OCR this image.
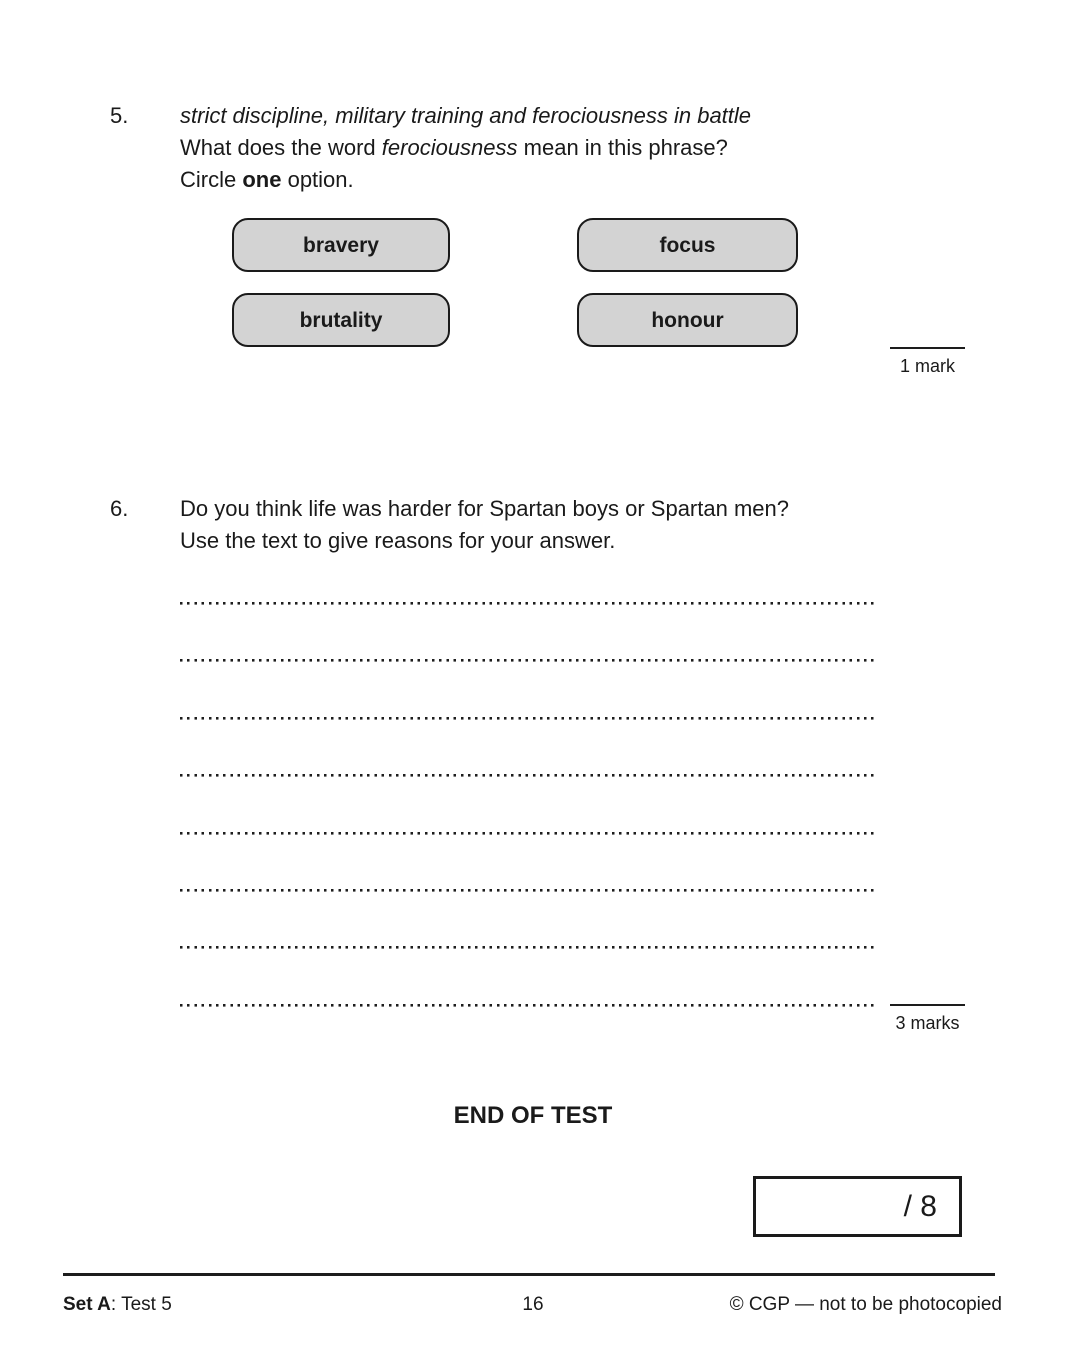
5.	strict discipline, military training and ferociousness in battle
What does the word ferociousness mean in this phrase?
Circle one option.
bravery	focus
brutality	honour
1 mark
6.	Do you think life was harder for Spartan boys or Spartan men?
Use the text to give reasons for your answer.
3 marks
END OF TEST
/ 8
16
Set A: Test 5	© CGP — not to be photocopied
